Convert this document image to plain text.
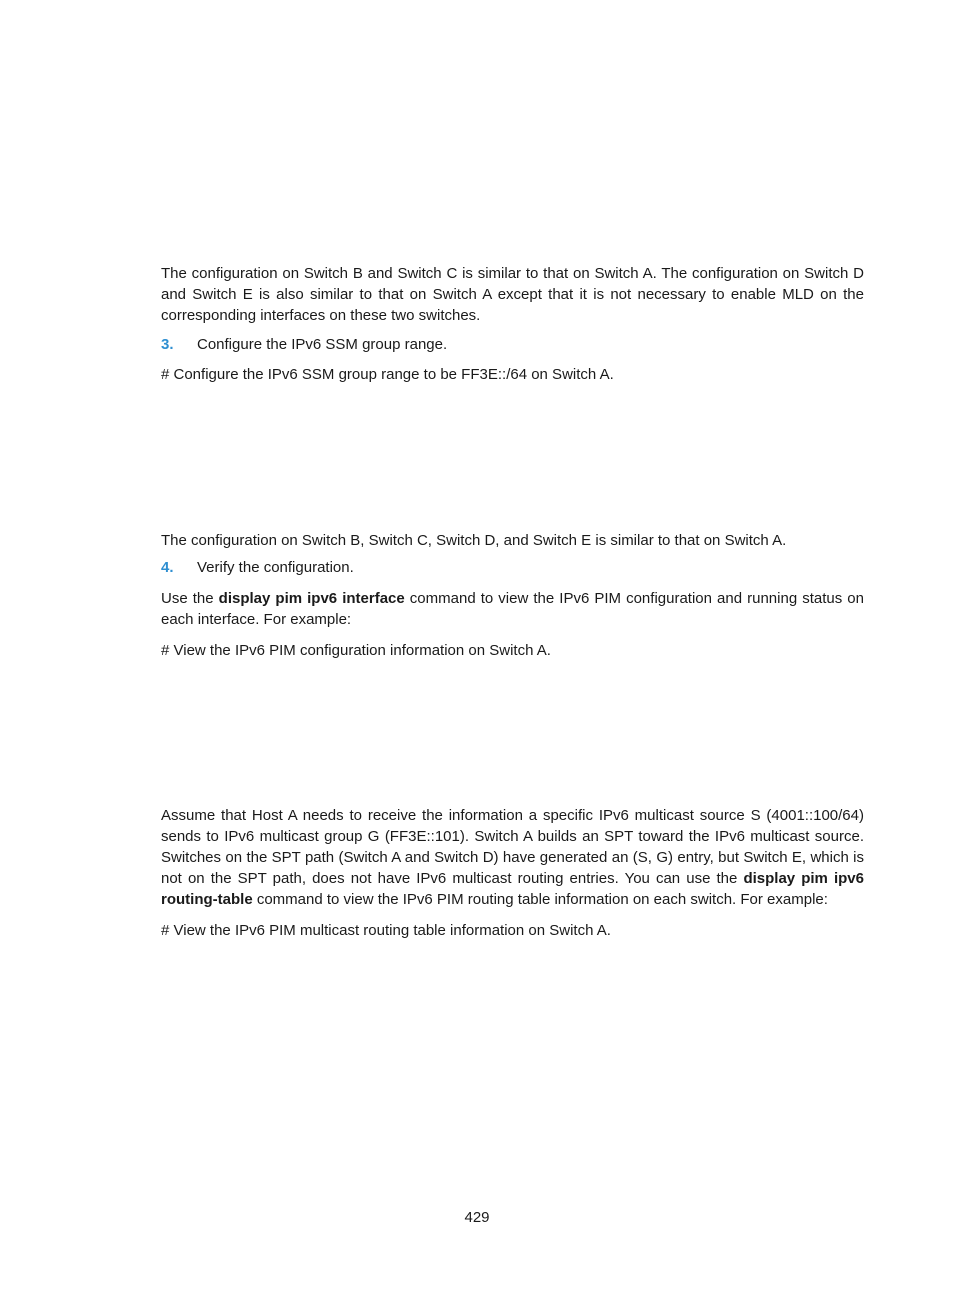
The configuration on Switch B and Switch C is similar to that on Switch A. The configuration on Switch D and Switch E is also similar to that on Switch A except that it is not necessary to enable MLD on the corresponding interfaces on these two switches.

3. Configure the IPv6 SSM group range.

# Configure the IPv6 SSM group range to be FF3E::/64 on Switch A.

The configuration on Switch B, Switch C, Switch D, and Switch E is similar to that on Switch A.

4. Verify the configuration.

Use the display pim ipv6 interface command to view the IPv6 PIM configuration and running status on each interface. For example:

# View the IPv6 PIM configuration information on Switch A.

Assume that Host A needs to receive the information a specific IPv6 multicast source S (4001::100/64) sends to IPv6 multicast group G (FF3E::101). Switch A builds an SPT toward the IPv6 multicast source. Switches on the SPT path (Switch A and Switch D) have generated an (S, G) entry, but Switch E, which is not on the SPT path, does not have IPv6 multicast routing entries. You can use the display pim ipv6 routing-table command to view the IPv6 PIM routing table information on each switch. For example:

# View the IPv6 PIM multicast routing table information on Switch A.

429
